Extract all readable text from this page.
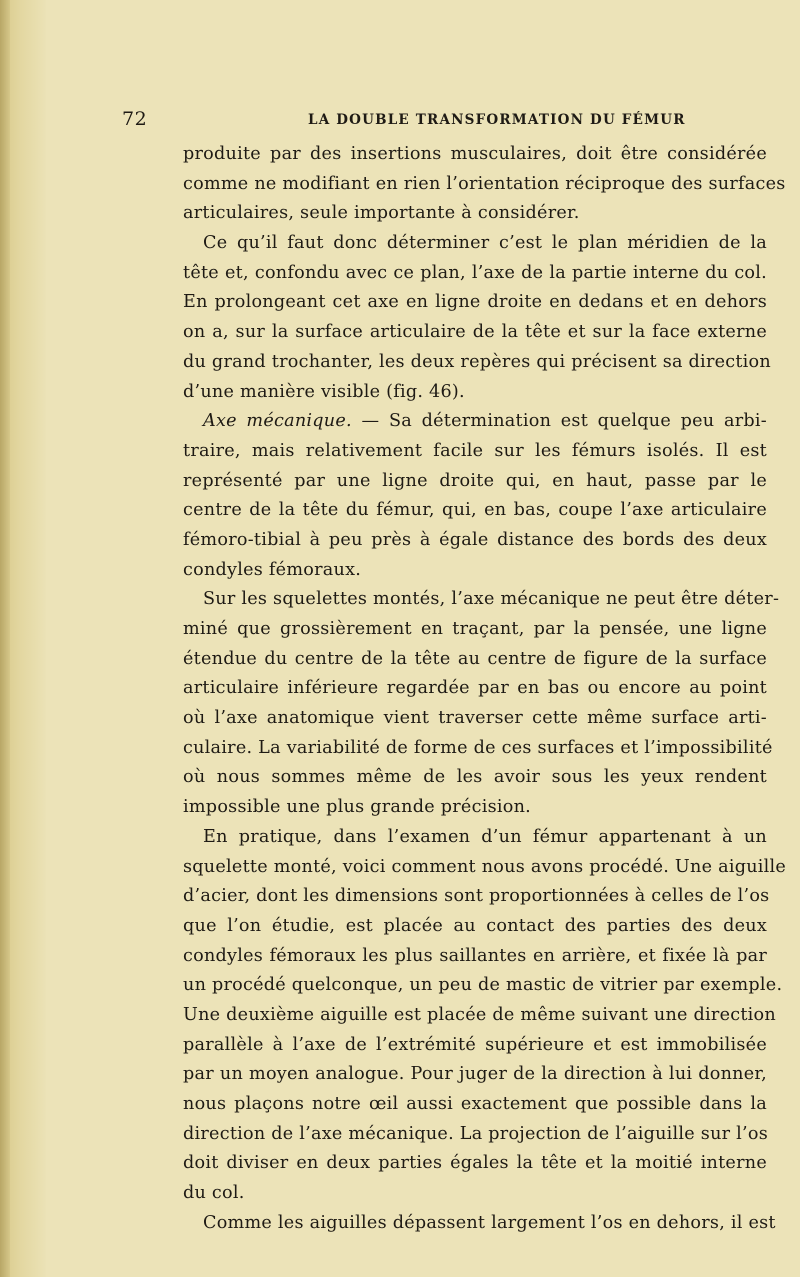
72	LA DOUBLE TRANSFORMATION DU FÉMUR
produite par des insertions musculaires, doit être considérée
comme ne modifiant en rien l’orientation réciproque des surfaces
articulaires, seule importante à considérer.
Ce qu’il faut donc déterminer c’est le plan méridien de la
tête et, confondu avec ce plan, l’axe de la partie interne du col.
En prolongeant cet axe en ligne droite en dedans et en dehors
on a, sur la surface articulaire de la tête et sur la face externe
du grand trochanter, les deux repères qui précisent sa direction
d’une manière visible (fig. 46).
Axe mécanique. — Sa détermination est quelque peu arbi-
traire, mais relativement facile sur les fémurs isolés. Il est
représenté par une ligne droite qui, en haut, passe par le
centre de la tête du fémur, qui, en bas, coupe l’axe articulaire
fémoro-tibial à peu près à égale distance des bords des deux
condyles fémoraux.
Sur les squelettes montés, l’axe mécanique ne peut être déter-
miné que grossièrement en traçant, par la pensée, une ligne
étendue du centre de la tête au centre de figure de la surface
articulaire inférieure regardée par en bas ou encore au point
où l’axe anatomique vient traverser cette même surface arti-
culaire. La variabilité de forme de ces surfaces et l’impossibilité
où nous sommes même de les avoir sous les yeux rendent
impossible une plus grande précision.
En pratique, dans l’examen d’un fémur appartenant à un
squelette monté, voici comment nous avons procédé. Une aiguille
d’acier, dont les dimensions sont proportionnées à celles de l’os
que l’on étudie, est placée au contact des parties des deux
condyles fémoraux les plus saillantes en arrière, et fixée là par
un procédé quelconque, un peu de mastic de vitrier par exemple.
Une deuxième aiguille est placée de même suivant une direction
parallèle à l’axe de l’extrémité supérieure et est immobilisée
par un moyen analogue. Pour juger de la direction à lui donner,
nous plaçons notre œil aussi exactement que possible dans la
direction de l’axe mécanique. La projection de l’aiguille sur l’os
doit diviser en deux parties égales la tête et la moitié interne
du col.
Comme les aiguilles dépassent largement l’os en dehors, il est
